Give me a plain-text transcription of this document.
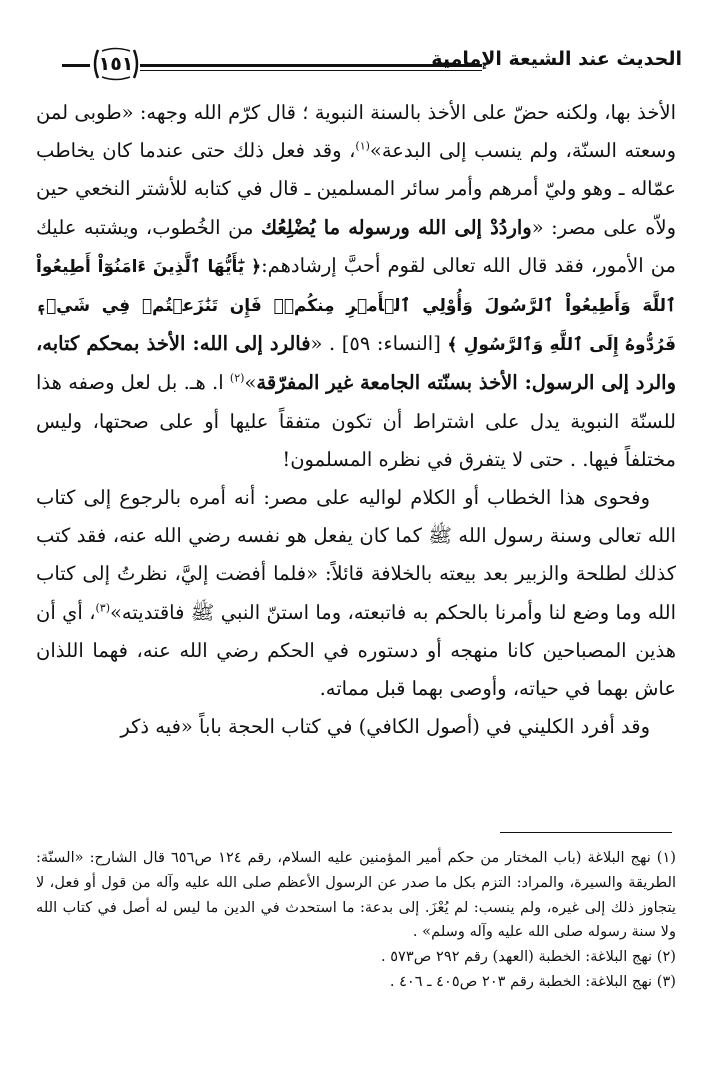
الحديث عند الشيعة الإمامية
١٥١

الأخذ بها، ولكنه حضّ على الأخذ بالسنة النبوية ؛ قال كرّم الله وجهه: «طوبى لمن وسعته السنّة، ولم ينسب إلى البدعة»$^{(١)}$، وقد فعل ذلك حتى عندما كان يخاطب عمّاله ـ وهو وليّ أمرهم وأمر سائر المسلمين ـ قال في كتابه للأشتر النخعي حين ولاّه على مصر: «واردُدْ إلى الله ورسوله ما يُضْلِعُك من الخُطوب، ويشتبه عليك من الأمور، فقد قال الله تعالى لقوم أحبَّ إرشادهم:﴿ يَٰٓأَيُّهَا ٱلَّذِينَ ءَامَنُوٓاْ أَطِيعُواْ ٱللَّهَ وَأَطِيعُواْ ٱلرَّسُولَ وَأُوْلِي ٱلۡأَمۡرِ مِنكُمۡۖ فَإِن تَنَٰزَعۡتُمۡ فِي شَيۡءٖ فَرُدُّوهُ إِلَى ٱللَّهِ وَٱلرَّسُولِ ﴾ [النساء: ٥٩] . «فالرد إلى الله: الأخذ بمحكم كتابه، والرد إلى الرسول: الأخذ بسنّته الجامعة غير المفرّقة»$^{(٢)}$ ا. هـ. بل لعل وصفه هذا للسنّة النبوية يدل على اشتراط أن تكون متفقاً عليها أو على صحتها، وليس مختلفاً فيها. . حتى لا يتفرق في نظره المسلمون!

وفحوى هذا الخطاب أو الكلام لواليه على مصر: أنه أمره بالرجوع إلى كتاب الله تعالى وسنة رسول الله ﷺ كما كان يفعل هو نفسه رضي الله عنه، فقد كتب كذلك لطلحة والزبير بعد بيعته بالخلافة قائلاً: «فلما أفضت إليَّ، نظرتُ إلى كتاب الله وما وضع لنا وأمرنا بالحكم به فاتبعته، وما استنّ النبي ﷺ فاقتديته»$^{(٣)}$، أي أن هذين المصباحين كانا منهجه أو دستوره في الحكم رضي الله عنه، فهما اللذان عاش بهما في حياته، وأوصى بهما قبل مماته.

وقد أفرد الكليني في (أصول الكافي) في كتاب الحجة باباً «فيه ذكر

(١) نهج البلاغة (باب المختار من حكم أمير المؤمنين عليه السلام، رقم ١٢٤ ص٦٥٦ قال الشارح: «السنّة: الطريقة والسيرة، والمراد: التزم بكل ما صدر عن الرسول الأعظم صلى الله عليه وآله من قول أو فعل، لا يتجاوز ذلك إلى غيره، ولم ينسب: لم يُعْزَ. إلى بدعة: ما استحدث في الدين ما ليس له أصل في كتاب الله ولا سنة رسوله صلى الله عليه وآله وسلم» .

(٢) نهج البلاغة: الخطبة (العهد) رقم ٢٩٢ ص٥٧٣ .

(٣) نهج البلاغة: الخطبة رقم ٢٠٣ ص٤٠٥ ـ ٤٠٦ .
